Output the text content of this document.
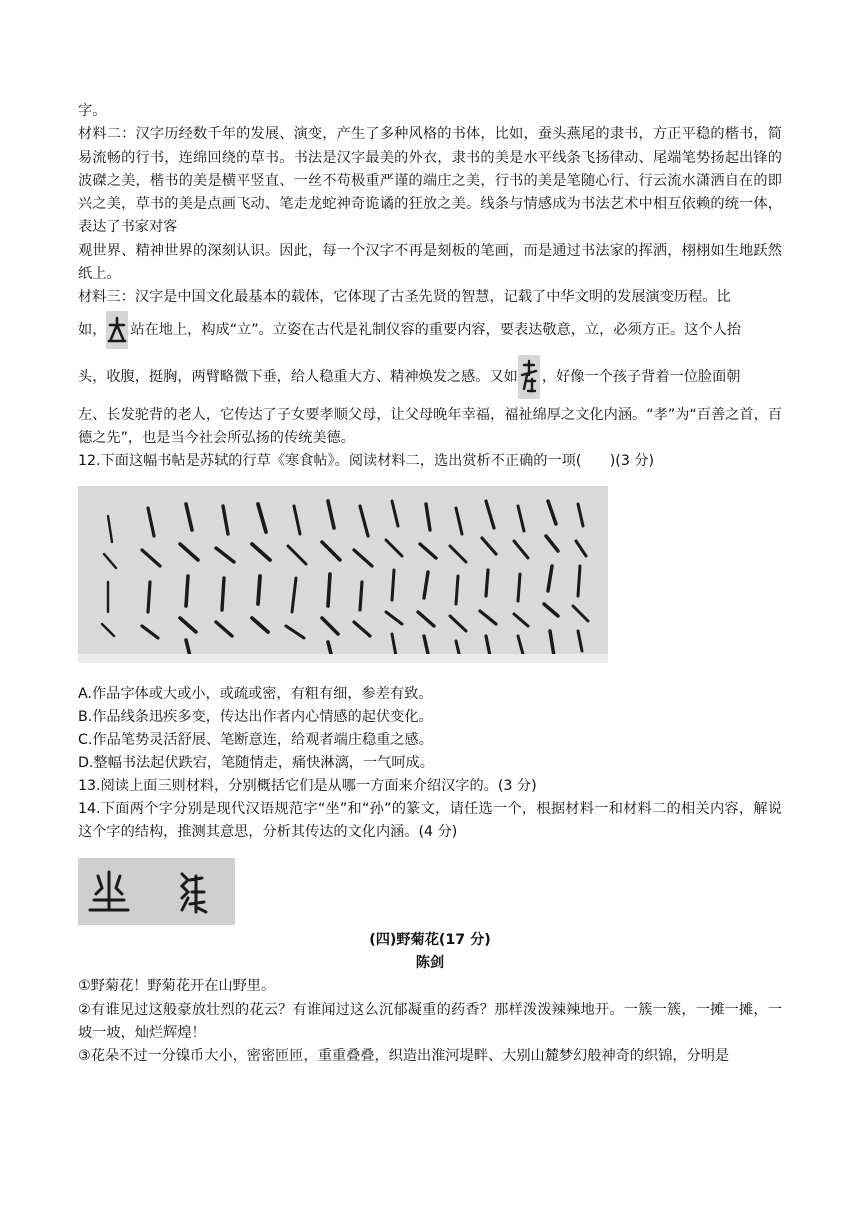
字。

材料二：汉字历经数千年的发展、演变，产生了多种风格的书体，比如，蚕头燕尾的隶书，方正平稳的楷书，简易流畅的行书，连绵回绕的草书。书法是汉字最美的外衣，隶书的美是水平线条飞扬律动、尾端笔势扬起出锋的波磔之美，楷书的美是横平竖直、一丝不苟极重严谨的端庄之美，行书的美是笔随心行、行云流水潇洒自在的即兴之美，草书的美是点画飞动、笔走龙蛇神奇诡谲的狂放之美。线条与情感成为书法艺术中相互依赖的统一体，表达了书家对客

观世界、精神世界的深刻认识。因此，每一个汉字不再是刻板的笔画，而是通过书法家的挥洒，栩栩如生地跃然纸上。

材料三：汉字是中国文化最基本的载体，它体现了古圣先贤的智慧，记载了中华文明的发展演变历程。比

如， 站在地上，构成“立”。立姿在古代是礼制仪容的重要内容，要表达敬意，立，必须方正。这个人抬

头，收腹，挺胸，两臂略微下垂，给人稳重大方、精神焕发之感。又如 ，好像一个孩子背着一位脸面朝

左、长发驼背的老人，它传达了子女要孝顺父母，让父母晚年幸福，福祉绵厚之文化内涵。“孝”为“百善之首，百德之先”，也是当今社会所弘扬的传统美德。

12.下面这幅书帖是苏轼的行草《寒食帖》。阅读材料二，选出赏析不正确的一项(　　)(3 分)

A.作品字体或大或小，或疏或密，有粗有细，参差有致。

B.作品线条迅疾多变，传达出作者内心情感的起伏变化。

C.作品笔势灵活舒展、笔断意连，给观者端庄稳重之感。

D.整幅书法起伏跌宕，笔随情走，痛快淋漓，一气呵成。

13.阅读上面三则材料，分别概括它们是从哪一方面来介绍汉字的。(3 分)

14.下面两个字分别是现代汉语规范字“坐”和“孙”的篆文，请任选一个，根据材料一和材料二的相关内容，解说这个字的结构，推测其意思，分析其传达的文化内涵。(4 分)

(四)野菊花(17 分)

陈剑

①野菊花！野菊花开在山野里。

②有谁见过这般豪放壮烈的花云？有谁闻过这么沉郁凝重的药香？那样泼泼辣辣地开。一簇一簇，一摊一摊，一坡一坡，灿烂辉煌！

③花朵不过一分镍币大小，密密匝匝，重重叠叠，织造出淮河堤畔、大别山麓梦幻般神奇的织锦，分明是
